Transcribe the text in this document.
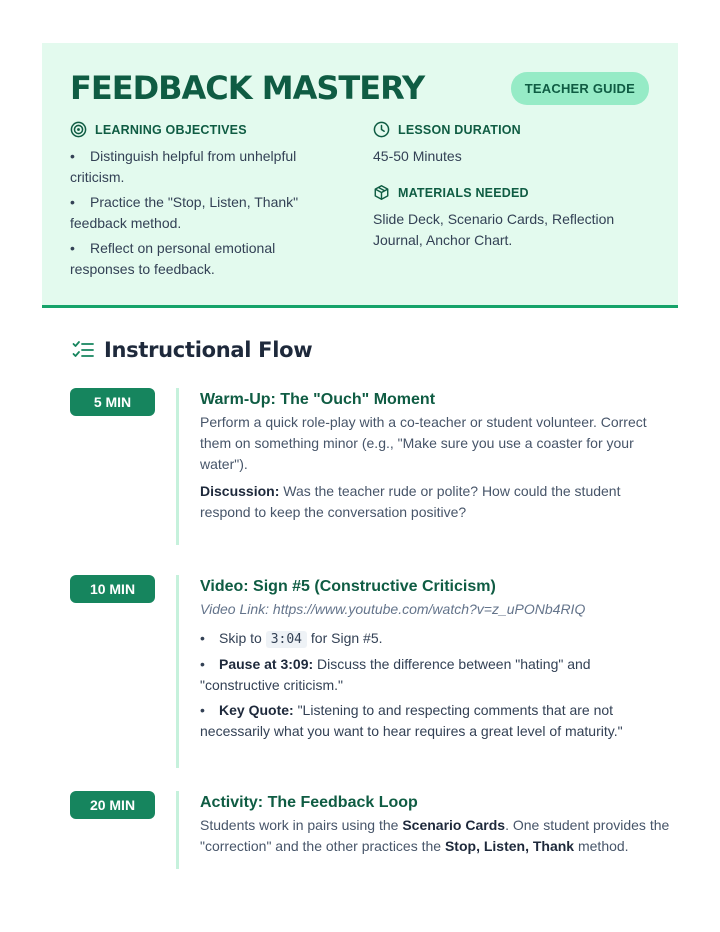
FEEDBACK MASTERY	TEACHER GUIDE
LEARNING OBJECTIVES
• Distinguish helpful from unhelpful criticism.
• Practice the "Stop, Listen, Thank" feedback method.
• Reflect on personal emotional responses to feedback.
LESSON DURATION

45-50 Minutes

MATERIALS NEEDED

Slide Deck, Scenario Cards, Reflection Journal, Anchor Chart.

Instructional Flow
5 MIN	Warm-Up: The "Ouch" Moment

Perform a quick role-play with a co-teacher or student volunteer. Correct them on something minor (e.g., "Make sure you use a coaster for your water").

Discussion: Was the teacher rude or polite? How could the student respond to keep the conversation positive?

10 MIN	Video: Sign #5 (Constructive Criticism)

Video Link: https://www.youtube.com/watch?v=z_uPONb4RIQ

• Skip to 3:04 for Sign #5.
• Pause at 3:09: Discuss the difference between "hating" and "constructive criticism."
• Key Quote: "Listening to and respecting comments that are not necessarily what you want to hear requires a great level of maturity."
20 MIN	Activity: The Feedback Loop

Students work in pairs using the Scenario Cards. One student provides the "correction" and the other practices the Stop, Listen, Thank method.
